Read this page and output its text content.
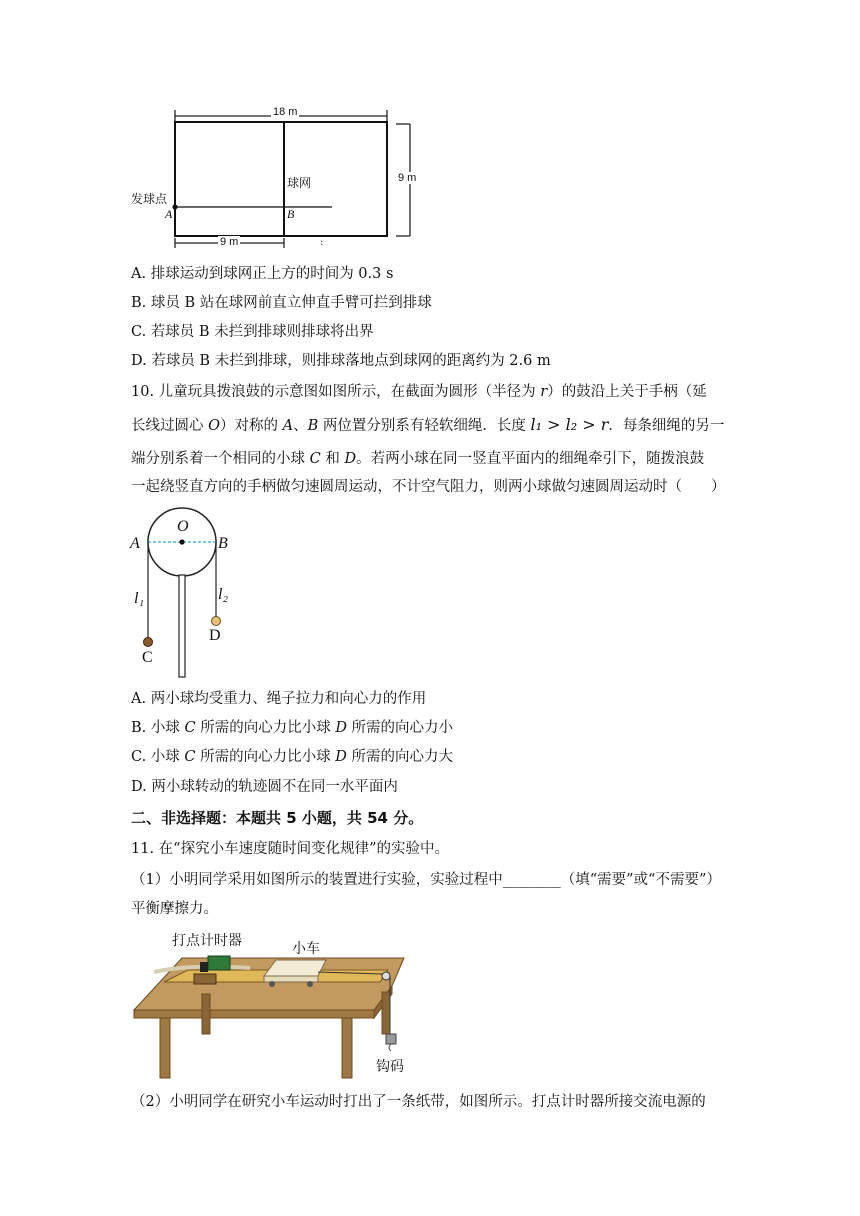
:
18 m
9 m
球网
发球点
A	B
9 m
A. 排球运动到球网正上方的时间为 0.3 s
B. 球员 B 站在球网前直立伸直手臂可拦到排球
C. 若球员 B 未拦到排球则排球将出界
D. 若球员 B 未拦到排球，则排球落地点到球网的距离约为 2.6 m
10. 儿童玩具拨浪鼓的示意图如图所示，在截面为圆形（半径为 r）的鼓沿上关于手柄（延
长线过圆心 O）对称的 A、B 两位置分别系有轻软细绳．长度 l₁ > l₂ > r．每条细绳的另一
端分别系着一个相同的小球 C 和 D。若两小球在同一竖直平面内的细绳牵引下，随拨浪鼓
一起绕竖直方向的手柄做匀速圆周运动，不计空气阻力，则两小球做匀速圆周运动时（　　）
O
A	B
l₁	l₂
C
D
A. 两小球均受重力、绳子拉力和向心力的作用
B. 小球 C 所需的向心力比小球 D 所需的向心力小
C. 小球 C 所需的向心力比小球 D 所需的向心力大
D. 两小球转动的轨迹圆不在同一水平面内
二、非选择题：本题共 5 小题，共 54 分。
11. 在“探究小车速度随时间变化规律”的实验中。
（1）小明同学采用如图所示的装置进行实验，实验过程中________（填“需要”或“不需要”）
平衡摩擦力。
打点计时器	小车
钩码
（2）小明同学在研究小车运动时打出了一条纸带，如图所示。打点计时器所接交流电源的
